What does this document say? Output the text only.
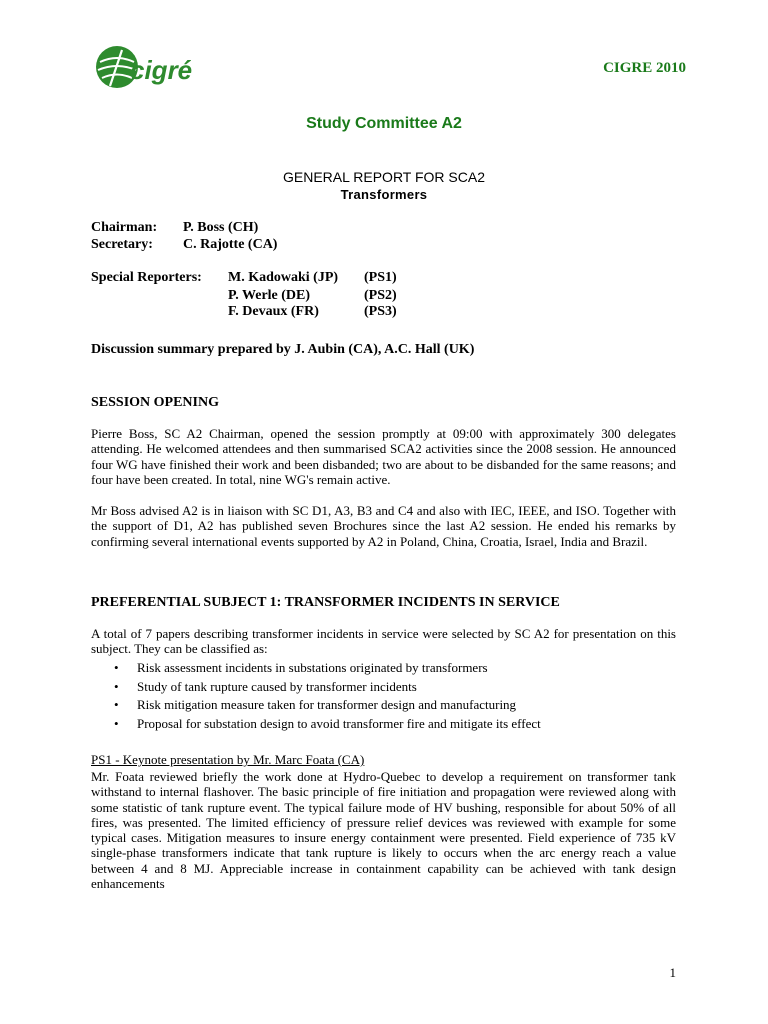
cigré	CIGRE 2010
Study Committee A2
GENERAL REPORT FOR SCA2
Transformers
Chairman: P. Boss (CH)
Secretary: C. Rajotte (CA)
Special Reporters: M. Kadowaki (JP) (PS1)
P. Werle (DE)	(PS2)
F. Devaux (FR)	(PS3)
Discussion summary prepared by J. Aubin (CA), A.C. Hall (UK)
SESSION OPENING
Pierre Boss, SC A2 Chairman, opened the session promptly at 09:00 with approximately 300 delegates attending. He welcomed attendees and then summarised SCA2 activities since the 2008 session. He announced four WG have finished their work and been disbanded; two are about to be disbanded for the same reasons; and four have been created. In total, nine WG's remain active.
Mr Boss advised A2 is in liaison with SC D1, A3, B3 and C4 and also with IEC, IEEE, and ISO. Together with the support of D1, A2 has published seven Brochures since the last A2 session. He ended his remarks by confirming several international events supported by A2 in Poland, China, Croatia, Israel, India and Brazil.
PREFERENTIAL SUBJECT 1: TRANSFORMER INCIDENTS IN SERVICE
A total of 7 papers describing transformer incidents in service were selected by SC A2 for presentation on this subject. They can be classified as:
• Risk assessment incidents in substations originated by transformers
• Study of tank rupture caused by transformer incidents
• Risk mitigation measure taken for transformer design and manufacturing
• Proposal for substation design to avoid transformer fire and mitigate its effect
PS1 - Keynote presentation by Mr. Marc Foata (CA)
Mr. Foata reviewed briefly the work done at Hydro-Quebec to develop a requirement on transformer tank withstand to internal flashover. The basic principle of fire initiation and propagation were reviewed along with some statistic of tank rupture event. The typical failure mode of HV bushing, responsible for about 50% of all fires, was presented. The limited efficiency of pressure relief devices was reviewed with example for some typical cases. Mitigation measures to insure energy containment were presented. Field experience of 735 kV single-phase transformers indicate that tank rupture is likely to occurs when the arc energy reach a value between 4 and 8 MJ. Appreciable increase in containment capability can be achieved with tank design enhancements
1
